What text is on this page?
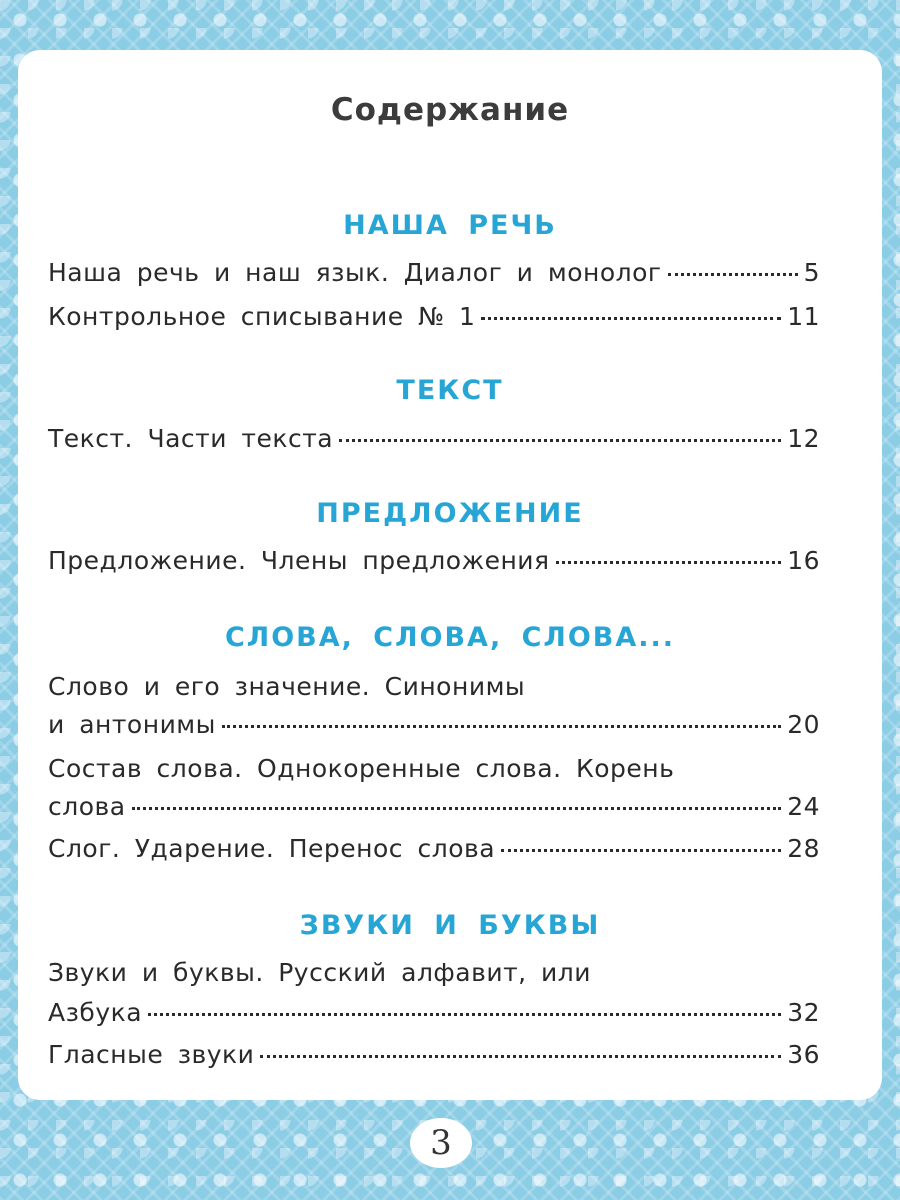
Содержание
НАША РЕЧЬ
Наша речь и наш язык. Диалог и монолог	5
Контрольное списывание № 1	11
ТЕКСТ
Текст. Части текста	12
ПРЕДЛОЖЕНИЕ
Предложение. Члены предложения	16
СЛОВА, СЛОВА, СЛОВА...
Слово и его значение. Синонимы
и антонимы	20
Состав слова. Однокоренные слова. Корень
слова	24
Слог. Ударение. Перенос слова	28
ЗВУКИ И БУКВЫ
Звуки и буквы. Русский алфавит, или
Азбука	32
Гласные звуки	36
3
